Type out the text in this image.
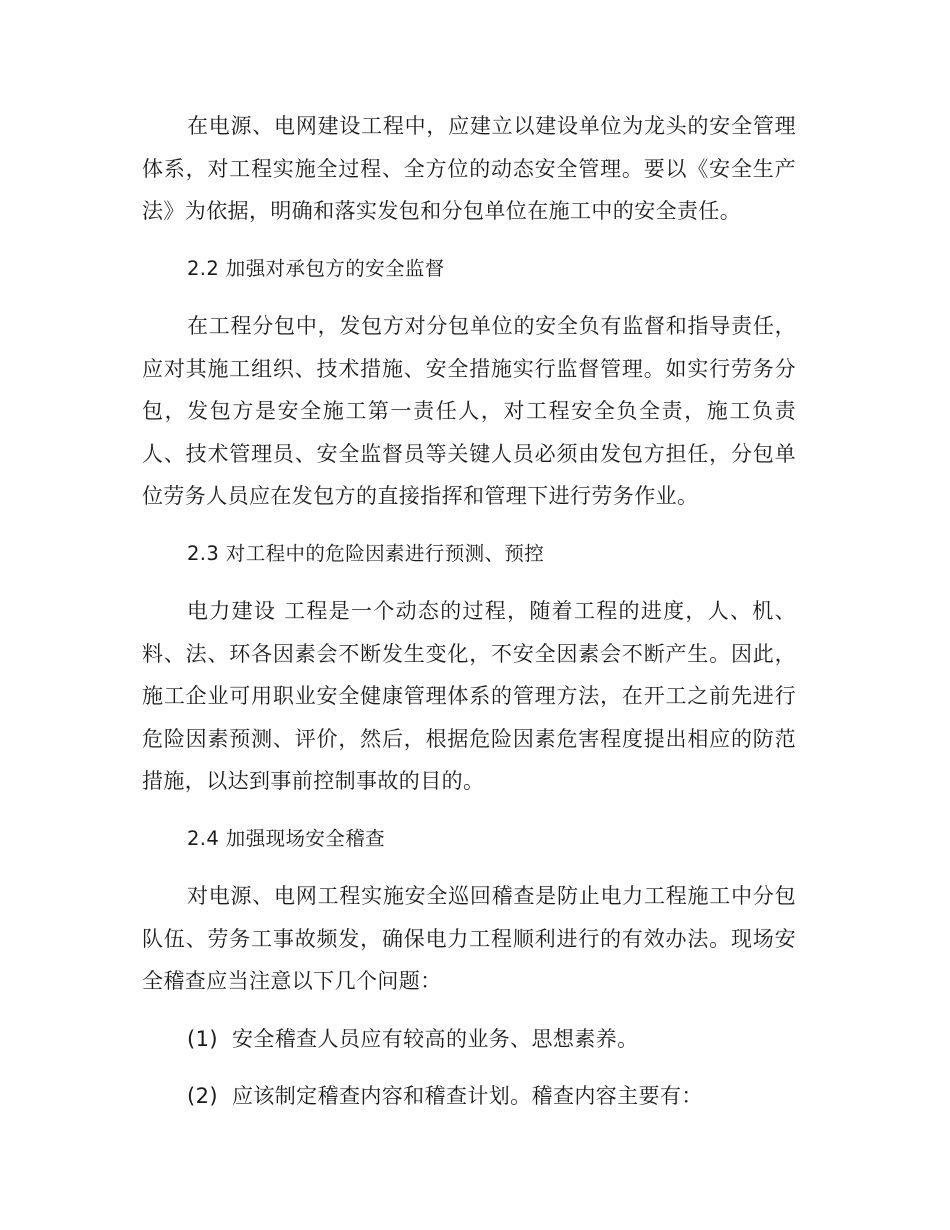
在电源、电网建设工程中，应建立以建设单位为龙头的安全管理体系，对工程实施全过程、全方位的动态安全管理。要以《安全生产法》为依据，明确和落实发包和分包单位在施工中的安全责任。

2.2 加强对承包方的安全监督

在工程分包中，发包方对分包单位的安全负有监督和指导责任，应对其施工组织、技术措施、安全措施实行监督管理。如实行劳务分包，发包方是安全施工第一责任人，对工程安全负全责，施工负责人、技术管理员、安全监督员等关键人员必须由发包方担任，分包单位劳务人员应在发包方的直接指挥和管理下进行劳务作业。

2.3 对工程中的危险因素进行预测、预控

电力建设 工程是一个动态的过程，随着工程的进度，人、机、料、法、环各因素会不断发生变化，不安全因素会不断产生。因此，施工企业可用职业安全健康管理体系的管理方法，在开工之前先进行危险因素预测、评价，然后，根据危险因素危害程度提出相应的防范措施，以达到事前控制事故的目的。

2.4 加强现场安全稽查

对电源、电网工程实施安全巡回稽查是防止电力工程施工中分包队伍、劳务工事故频发，确保电力工程顺利进行的有效办法。现场安全稽查应当注意以下几个问题：

(1) 安全稽查人员应有较高的业务、思想素养。

(2) 应该制定稽查内容和稽查计划。稽查内容主要有：
